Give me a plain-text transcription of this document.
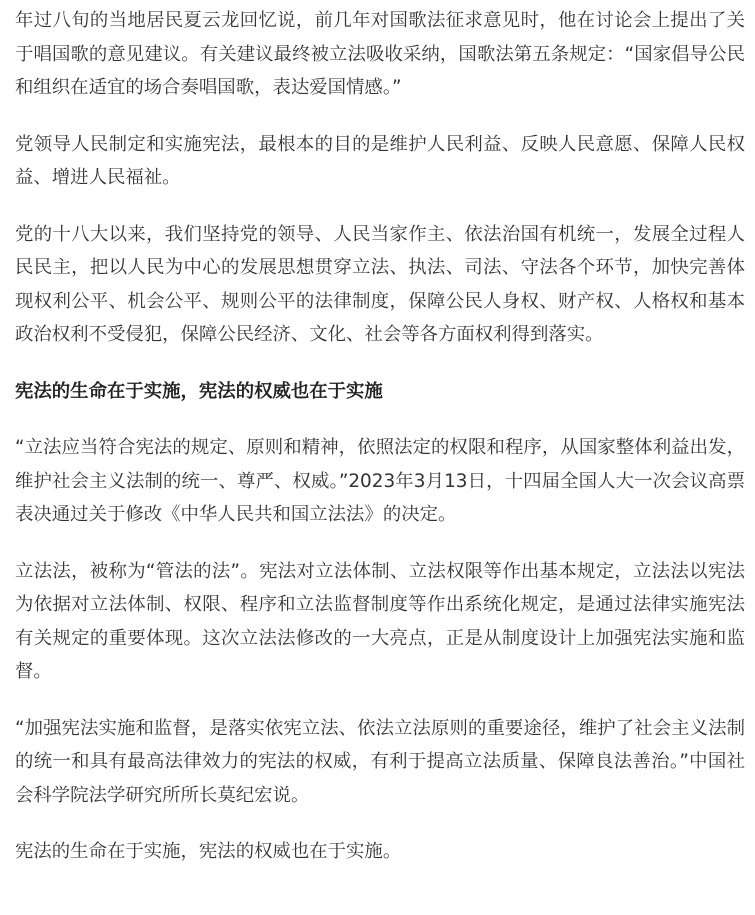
年过八旬的当地居民夏云龙回忆说，前几年对国歌法征求意见时，他在讨论会上提出了关于唱国歌的意见建议。有关建议最终被立法吸收采纳，国歌法第五条规定：“国家倡导公民和组织在适宜的场合奏唱国歌，表达爱国情感。”

党领导人民制定和实施宪法，最根本的目的是维护人民利益、反映人民意愿、保障人民权益、增进人民福祉。

党的十八大以来，我们坚持党的领导、人民当家作主、依法治国有机统一，发展全过程人民民主，把以人民为中心的发展思想贯穿立法、执法、司法、守法各个环节，加快完善体现权利公平、机会公平、规则公平的法律制度，保障公民人身权、财产权、人格权和基本政治权利不受侵犯，保障公民经济、文化、社会等各方面权利得到落实。

宪法的生命在于实施，宪法的权威也在于实施

“立法应当符合宪法的规定、原则和精神，依照法定的权限和程序，从国家整体利益出发，维护社会主义法制的统一、尊严、权威。”2023年3月13日，十四届全国人大一次会议高票表决通过关于修改《中华人民共和国立法法》的决定。

立法法，被称为“管法的法”。宪法对立法体制、立法权限等作出基本规定，立法法以宪法为依据对立法体制、权限、程序和立法监督制度等作出系统化规定，是通过法律实施宪法有关规定的重要体现。这次立法法修改的一大亮点，正是从制度设计上加强宪法实施和监督。

“加强宪法实施和监督，是落实依宪立法、依法立法原则的重要途径，维护了社会主义法制的统一和具有最高法律效力的宪法的权威，有利于提高立法质量、保障良法善治。”中国社会科学院法学研究所所长莫纪宏说。

宪法的生命在于实施，宪法的权威也在于实施。
